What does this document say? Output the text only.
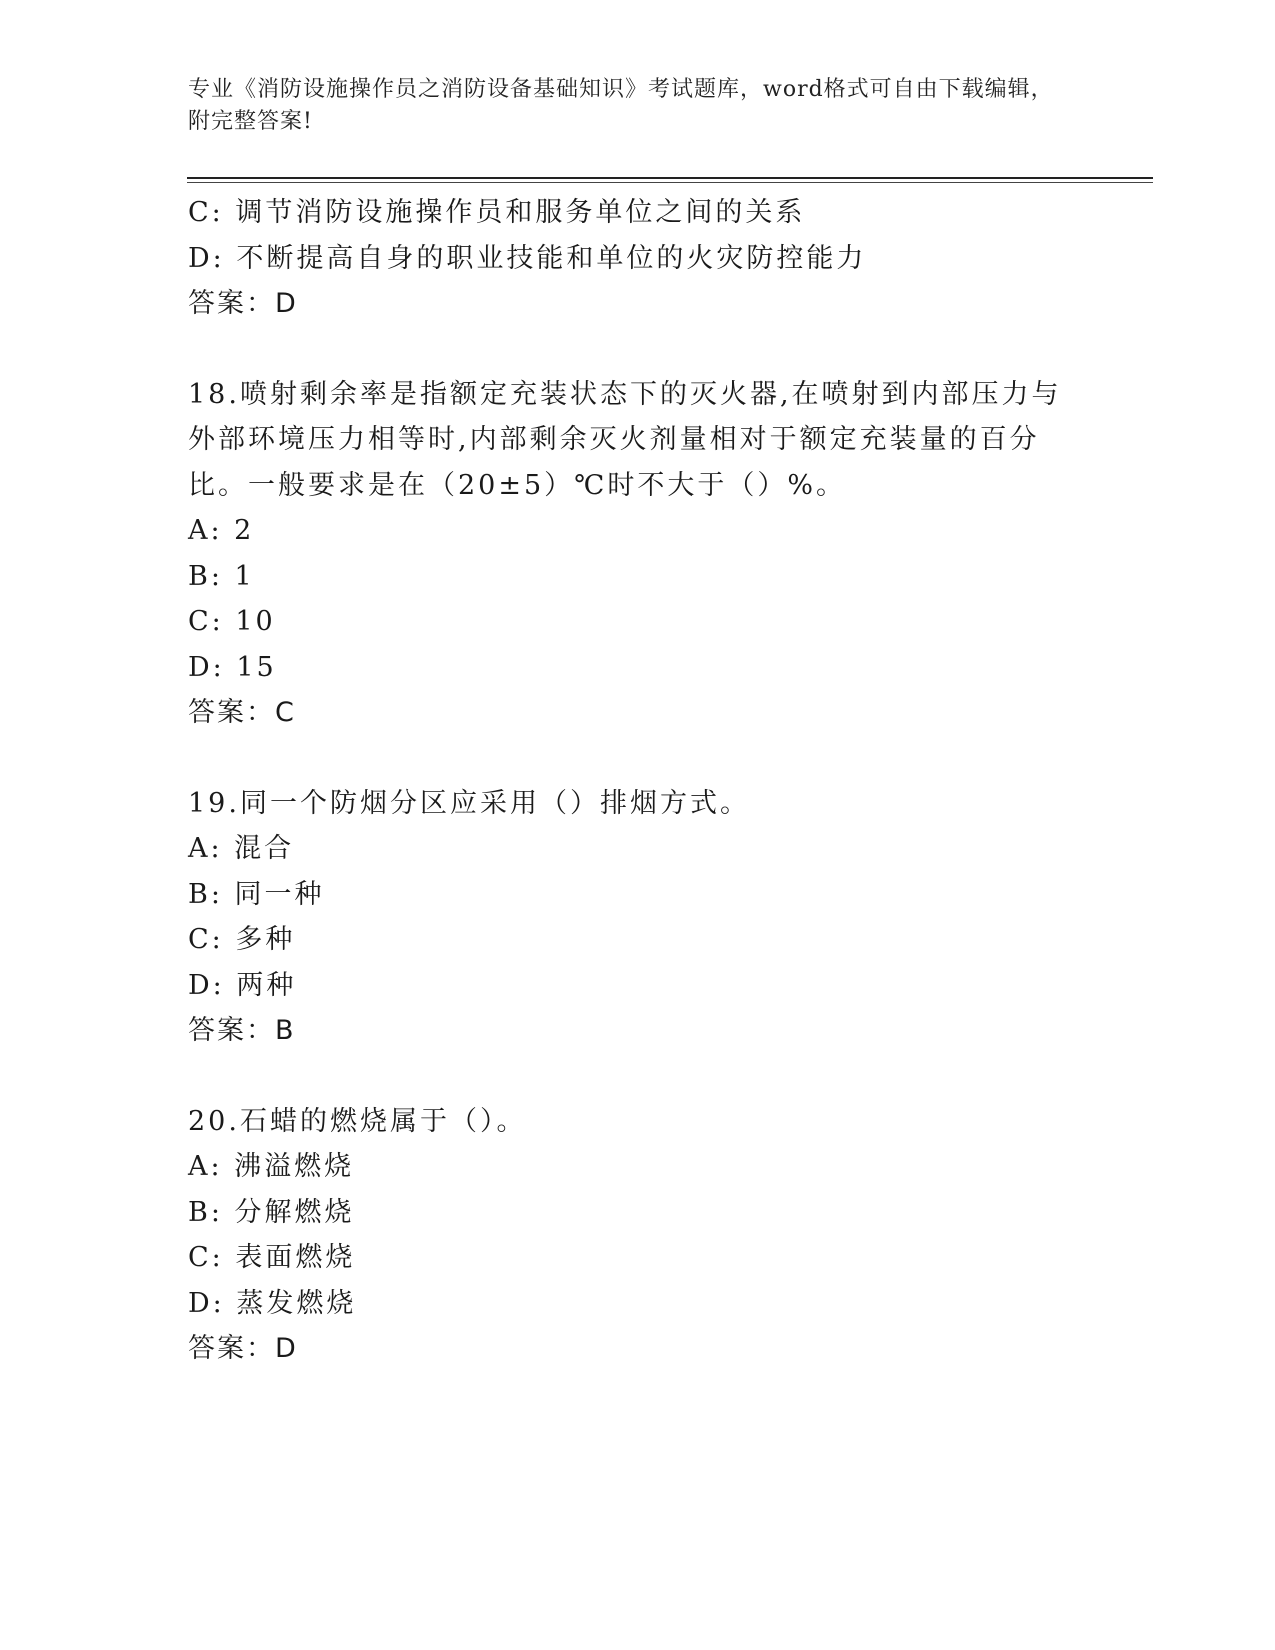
专业《消防设施操作员之消防设备基础知识》考试题库，word格式可自由下载编辑，附完整答案!
C: 调节消防设施操作员和服务单位之间的关系
D: 不断提高自身的职业技能和单位的火灾防控能力
答案：D
18.喷射剩余率是指额定充装状态下的灭火器,在喷射到内部压力与外部环境压力相等时,内部剩余灭火剂量相对于额定充装量的百分比。一般要求是在（20±5）℃时不大于（）%。
A: 2
B: 1
C: 10
D: 15
答案：C
19.同一个防烟分区应采用（）排烟方式。
A: 混合
B: 同一种
C: 多种
D: 两种
答案：B
20.石蜡的燃烧属于（）。
A: 沸溢燃烧
B: 分解燃烧
C: 表面燃烧
D: 蒸发燃烧
答案：D
